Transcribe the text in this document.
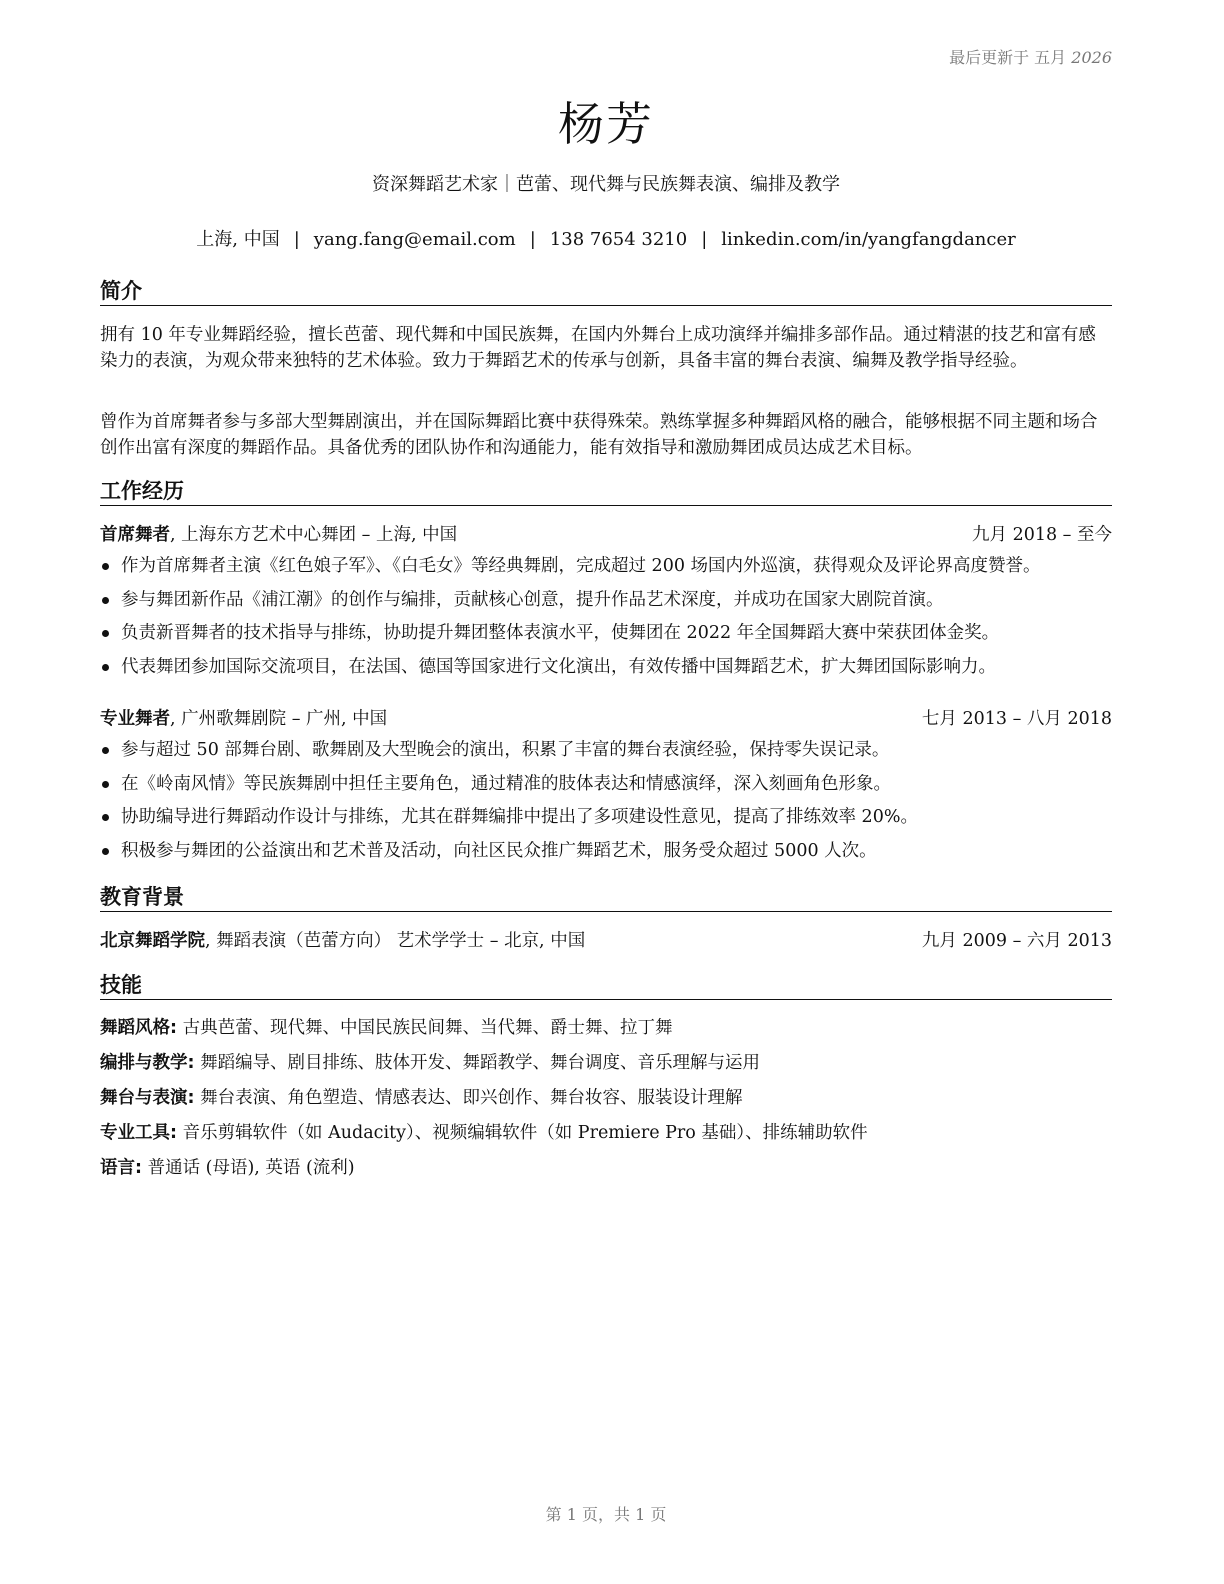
最后更新于 五月 2026
杨芳
资深舞蹈艺术家｜芭蕾、现代舞与民族舞表演、编排及教学
上海, 中国 | yang.fang@email.com | 138 7654 3210 | linkedin.com/in/yangfangdancer
简介
拥有 10 年专业舞蹈经验，擅长芭蕾、现代舞和中国民族舞，在国内外舞台上成功演绎并编排多部作品。通过精湛的技艺和富有感染力的表演，为观众带来独特的艺术体验。致力于舞蹈艺术的传承与创新，具备丰富的舞台表演、编舞及教学指导经验。
曾作为首席舞者参与多部大型舞剧演出，并在国际舞蹈比赛中获得殊荣。熟练掌握多种舞蹈风格的融合，能够根据不同主题和场合创作出富有深度的舞蹈作品。具备优秀的团队协作和沟通能力，能有效指导和激励舞团成员达成艺术目标。
工作经历
首席舞者, 上海东方艺术中心舞团 – 上海, 中国	九月 2018 – 至今
作为首席舞者主演《红色娘子军》、《白毛女》等经典舞剧，完成超过 200 场国内外巡演，获得观众及评论界高度赞誉。
参与舞团新作品《浦江潮》的创作与编排，贡献核心创意，提升作品艺术深度，并成功在国家大剧院首演。
负责新晋舞者的技术指导与排练，协助提升舞团整体表演水平，使舞团在 2022 年全国舞蹈大赛中荣获团体金奖。
代表舞团参加国际交流项目，在法国、德国等国家进行文化演出，有效传播中国舞蹈艺术，扩大舞团国际影响力。
专业舞者, 广州歌舞剧院 – 广州, 中国	七月 2013 – 八月 2018
参与超过 50 部舞台剧、歌舞剧及大型晚会的演出，积累了丰富的舞台表演经验，保持零失误记录。
在《岭南风情》等民族舞剧中担任主要角色，通过精准的肢体表达和情感演绎，深入刻画角色形象。
协助编导进行舞蹈动作设计与排练，尤其在群舞编排中提出了多项建设性意见，提高了排练效率 20%。
积极参与舞团的公益演出和艺术普及活动，向社区民众推广舞蹈艺术，服务受众超过 5000 人次。
教育背景
北京舞蹈学院, 舞蹈表演（芭蕾方向） 艺术学学士 – 北京, 中国	九月 2009 – 六月 2013
技能
舞蹈风格: 古典芭蕾、现代舞、中国民族民间舞、当代舞、爵士舞、拉丁舞
编排与教学: 舞蹈编导、剧目排练、肢体开发、舞蹈教学、舞台调度、音乐理解与运用
舞台与表演: 舞台表演、角色塑造、情感表达、即兴创作、舞台妆容、服装设计理解
专业工具: 音乐剪辑软件（如 Audacity）、视频编辑软件（如 Premiere Pro 基础）、排练辅助软件
语言: 普通话 (母语), 英语 (流利)
第 1 页，共 1 页
